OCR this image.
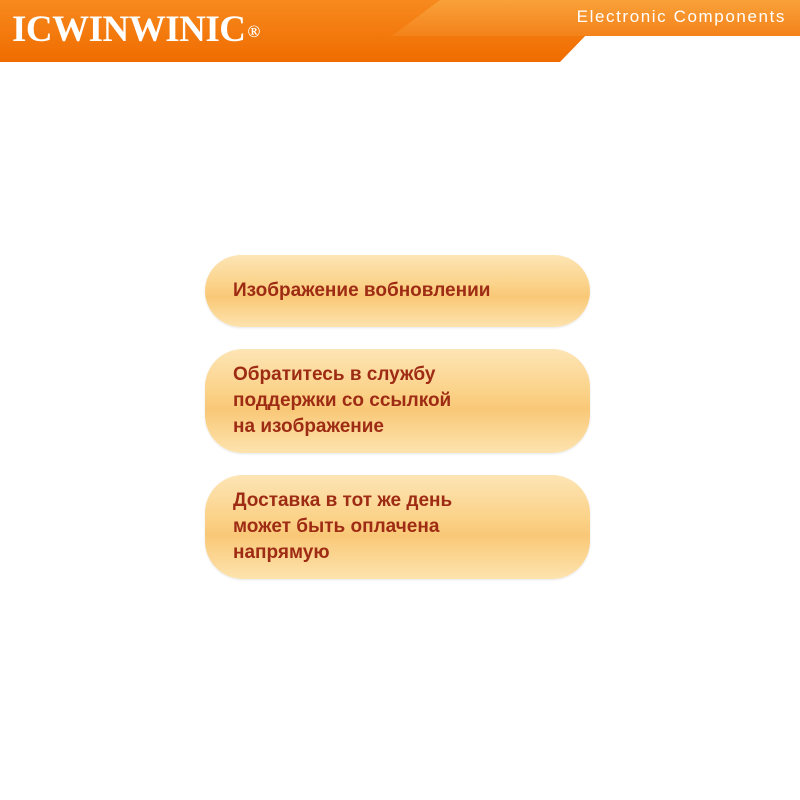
ICWINWINIC ®
Electronic Components
Изображение вобновлении
Обратитесь в службу
поддержки со ссылкой
на изображение
Доставка в тот же день
может быть оплачена
напрямую
